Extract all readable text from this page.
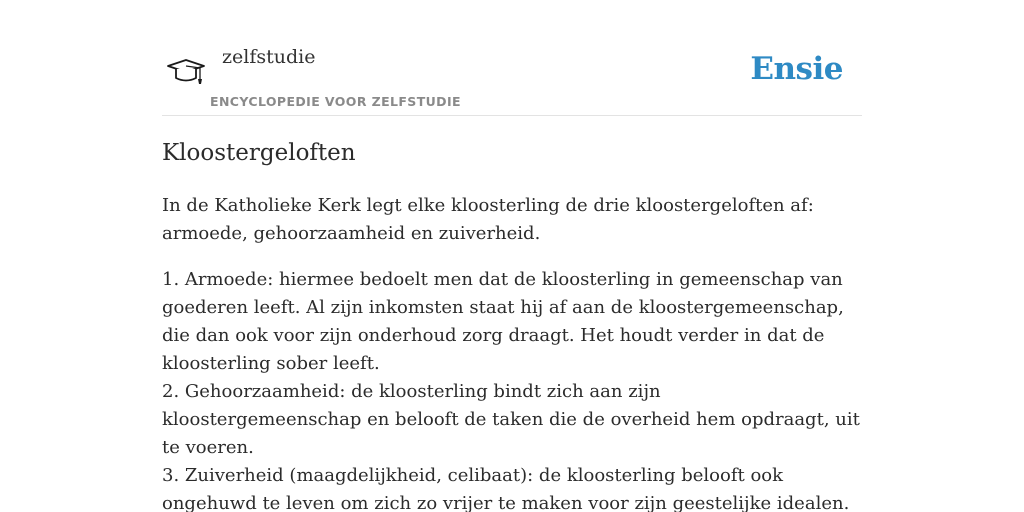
zelfstudie
ENCYCLOPEDIE VOOR ZELFSTUDIE
Ensie
Kloostergeloften

In de Katholieke Kerk legt elke kloosterling de drie kloostergeloften af: armoede, gehoorzaamheid en zuiverheid.

1. Armoede: hiermee bedoelt men dat de kloosterling in gemeenschap van goederen leeft. Al zijn inkomsten staat hij af aan de kloostergemeenschap, die dan ook voor zijn onderhoud zorg draagt. Het houdt verder in dat de kloosterling sober leeft.
2. Gehoorzaamheid: de kloosterling bindt zich aan zijn kloostergemeenschap en belooft de taken die de overheid hem opdraagt, uit te voeren.
3. Zuiverheid (maagdelijkheid, celibaat): de kloosterling belooft ook ongehuwd te leven om zich zo vrijer te maken voor zijn geestelijke idealen.
